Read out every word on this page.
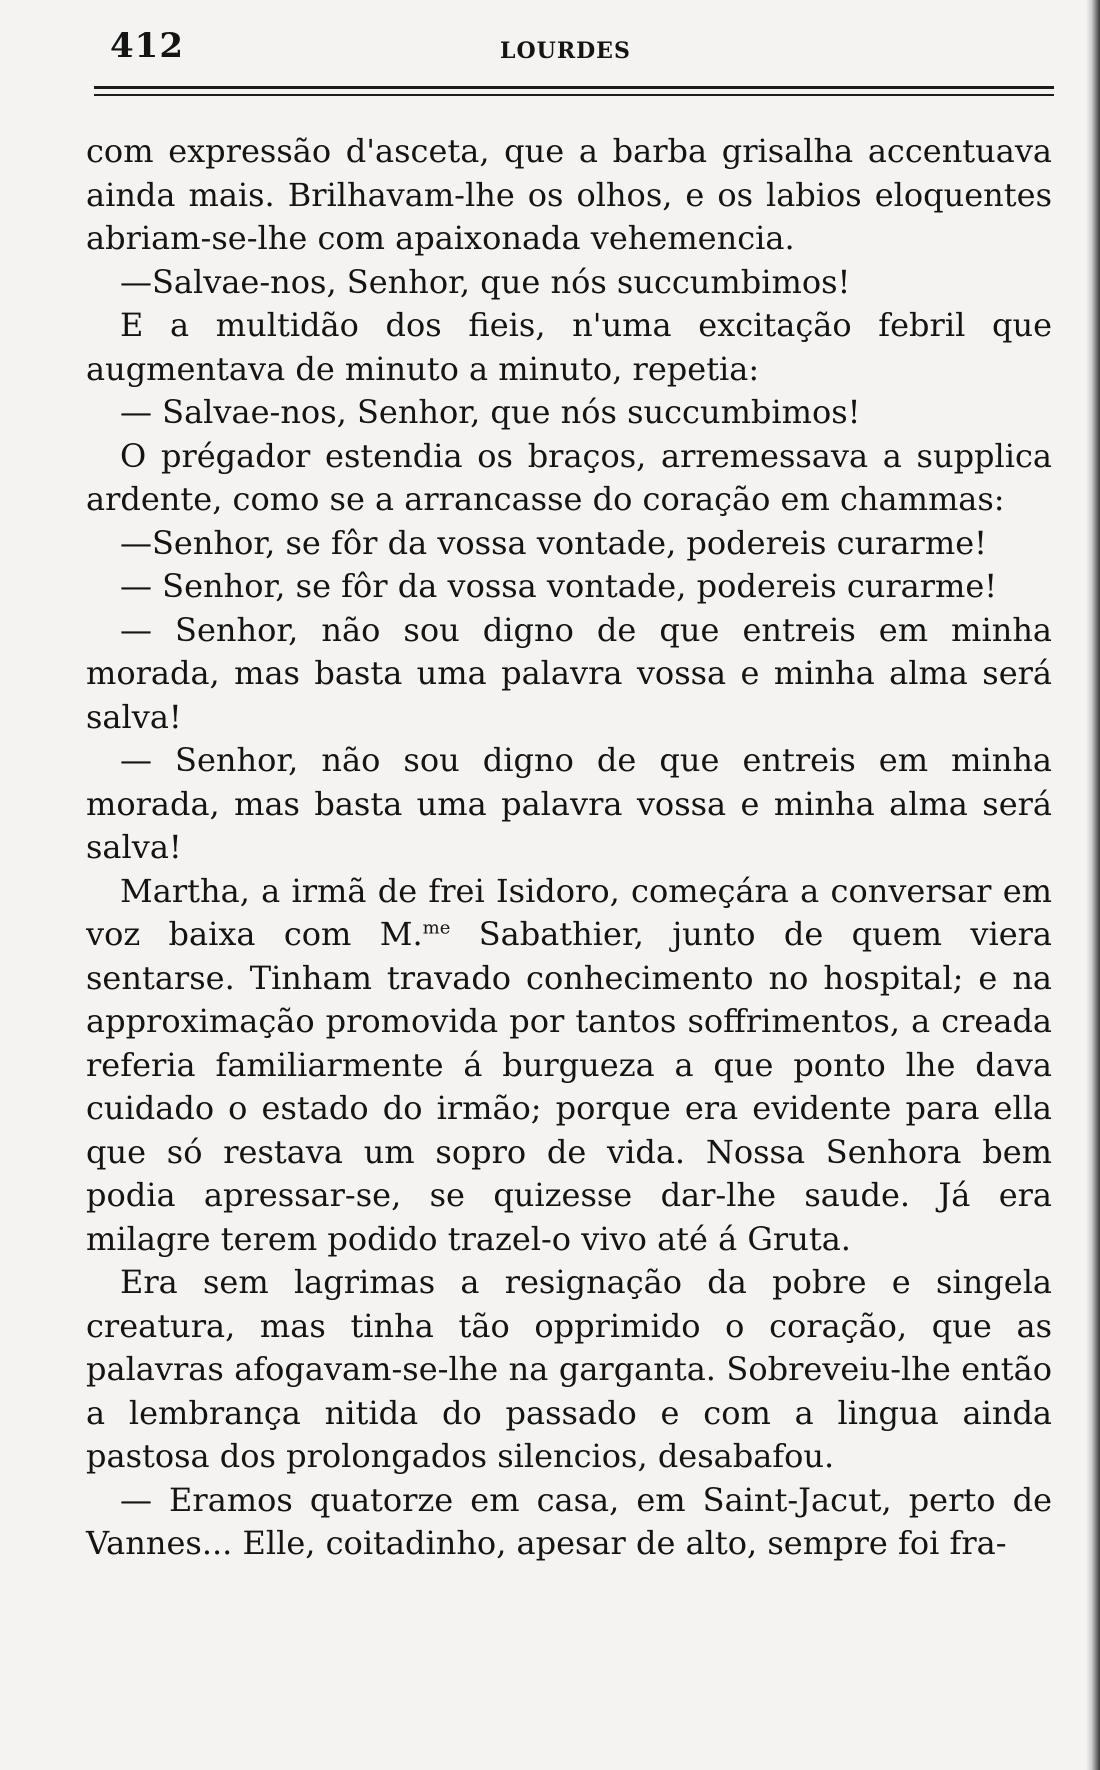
412	LOURDES

com expressão d'asceta, que a barba grisalha accentuava ainda mais. Brilhavam-lhe os olhos, e os labios eloquentes abriam-se-lhe com apaixonada vehemencia.

—Salvae-nos, Senhor, que nós succumbimos!

E a multidão dos fieis, n'uma excitação febril que augmentava de minuto a minuto, repetia:

— Salvae-nos, Senhor, que nós succumbimos!

O prégador estendia os braços, arremessava a supplica ardente, como se a arrancasse do coração em chammas:

—Senhor, se fôr da vossa vontade, podereis curarme!

— Senhor, se fôr da vossa vontade, podereis curarme!

— Senhor, não sou digno de que entreis em minha morada, mas basta uma palavra vossa e minha alma será salva!

— Senhor, não sou digno de que entreis em minha morada, mas basta uma palavra vossa e minha alma será salva!

Martha, a irmã de frei Isidoro, começára a conversar em voz baixa com M.$^{me}$ Sabathier, junto de quem viera sentarse. Tinham travado conhecimento no hospital; e na approximação promovida por tantos soffrimentos, a creada referia familiarmente á burgueza a que ponto lhe dava cuidado o estado do irmão; porque era evidente para ella que só restava um sopro de vida. Nossa Senhora bem podia apressar-se, se quizesse dar-lhe saude. Já era milagre terem podido trazel-o vivo até á Gruta.

Era sem lagrimas a resignação da pobre e singela creatura, mas tinha tão opprimido o coração, que as palavras afogavam-se-lhe na garganta. Sobreveiu-lhe então a lembrança nitida do passado e com a lingua ainda pastosa dos prolongados silencios, desabafou.

— Eramos quatorze em casa, em Saint-Jacut, perto de Vannes... Elle, coitadinho, apesar de alto, sempre foi fra-
